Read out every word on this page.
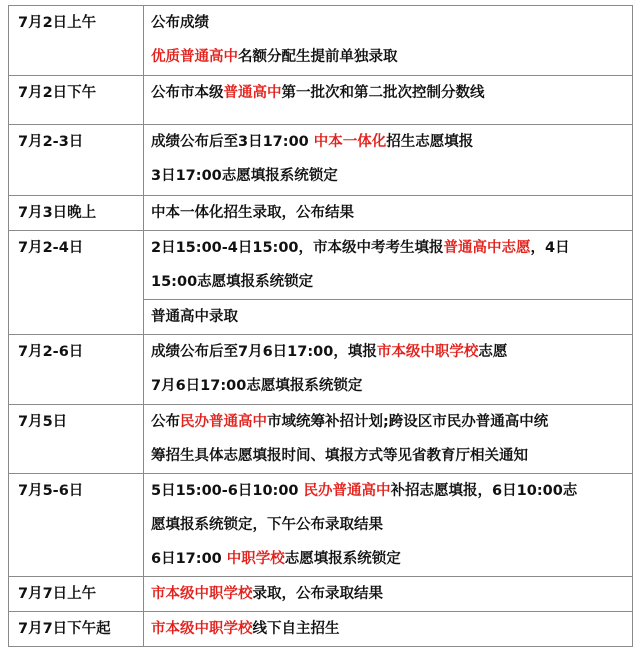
7月2日上午	公布成绩
优质普通高中名额分配生提前单独录取

7月2日下午	公布市本级普通高中第一批次和第二批次控制分数线

7月2-3日	成绩公布后至3日17:00 中本一体化招生志愿填报
3日17:00志愿填报系统锁定

7月3日晚上	中本一体化招生录取，公布结果

7月2-4日	2日15:00-4日15:00，市本级中考考生填报普通高中志愿，4日
15:00志愿填报系统锁定

	普通高中录取

7月2-6日	成绩公布后至7月6日17:00，填报市本级中职学校志愿
7月6日17:00志愿填报系统锁定

7月5日	公布民办普通高中市域统筹补招计划;跨设区市民办普通高中统
筹招生具体志愿填报时间、填报方式等见省教育厅相关通知

7月5-6日	5日15:00-6日10:00 民办普通高中补招志愿填报，6日10:00志
愿填报系统锁定，下午公布录取结果
6日17:00 中职学校志愿填报系统锁定

7月7日上午	市本级中职学校录取，公布录取结果

7月7日下午起	市本级中职学校线下自主招生
